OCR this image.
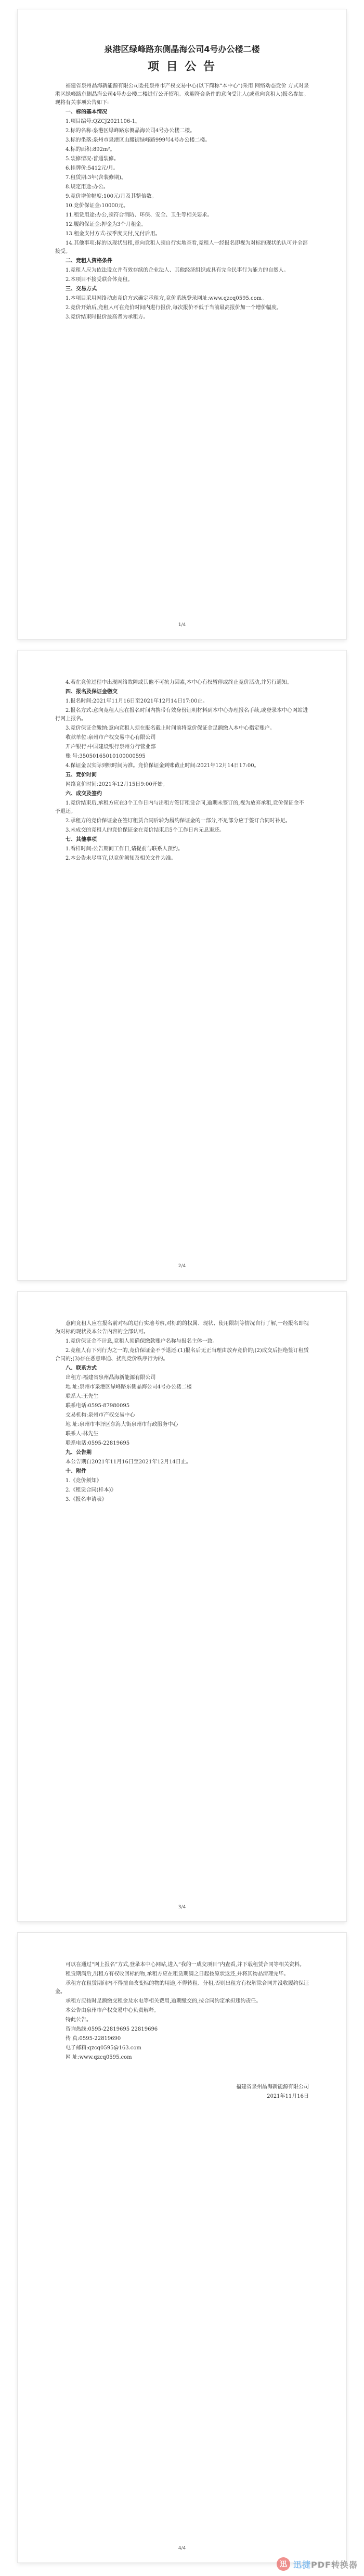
泉港区绿峰路东侧晶海公司4号办公楼二楼
项 目 公 告

福建省泉州晶海新能源有限公司委托泉州市产权交易中心(以下简称“本中心”)采用 网络动态竞价 方式对泉港区绿峰路东侧晶海公司4号办公楼二楼进行公开招租。欢迎符合条件的意向受让人(或意向竞租人)报名参加。现将有关事项公告如下:

一、标的基本情况

1.项目编号:QZCJ2021106-1。

2.标的名称:泉港区绿峰路东侧晶海公司4号办公楼二楼。

3.标的坐落:泉州市泉港区山腰街绿峰路999号4号办公楼二楼。

4.标的面积:892m²。

5.装修情况:普通装修。

6.挂牌价:5412元/月。

7.租赁期:3年(含装修期)。

8.规定用途:办公。

9.竞价增价幅度:100元/月及其整倍数。

10.竞价保证金:10000元。

11.租赁用途:办公,须符合消防、环保、安全、卫生等相关要求。

12.履约保证金:押金为3个月租金。

13.租金支付方式:按季度支付,先付后用。

14.其他事项:标的以现状出租,意向竞租人须自行实地查看,竞租人一经报名即视为对标的现状的认可并全部接受。

二、竞租人资格条件

1.竞租人应为依法设立并有效存续的企业法人、其他经济组织或具有完全民事行为能力的自然人。

2.本项目不接受联合体竞租。

三、交易方式

1.本项目采用网络动态竞价方式确定承租方,竞价系统登录网址:www.qzcq0595.com。

2.竞价开始后,竞租人可在竞价时间内进行报价,每次报价不低于当前最高报价加一个增价幅度。

3.竞价结束时报价最高者为承租方。

1/4

4.若在竞价过程中出现网络故障或其他不可抗力因素,本中心有权暂停或终止竞价活动,并另行通知。

四、报名及保证金缴交

1.报名时间:2021年11月16日至2021年12月14日17:00止。

2.报名方式:意向竞租人应在报名时间内携带有效身份证明材料到本中心办理报名手续,或登录本中心网站进行网上报名。

3.竞价保证金缴纳:意向竞租人须在报名截止时间前将竞价保证金足额缴入本中心指定账户。

收款单位:泉州市产权交易中心有限公司

开户银行:中国建设银行泉州分行营业部

账 号:35050165010100000595

4.保证金以实际到账时间为准。竞价保证金到账截止时间:2021年12月14日17:00。

五、竞价时间

网络竞价时间:2021年12月15日9:00开始。

六、成交及签约

1.竞价结束后,承租方应在3个工作日内与出租方签订租赁合同,逾期未签订的,视为放弃承租,竞价保证金不予退还。

2.承租方的竞价保证金在签订租赁合同后转为履约保证金的一部分,不足部分应于签订合同时补足。

3.未成交的竞租人的竞价保证金在竞价结束后5个工作日内无息退还。

七、其他事项

1.看样时间:公告期间工作日,请提前与联系人预约。

2.本公告未尽事宜,以竞价须知及相关文件为准。

2/4

意向竞租人应在报名前对标的进行实地考察,对标的的权属、现状、使用限制等情况自行了解,一经报名即视为对标的现状及本公告内容的全部认可。

1.竞价保证金不计息,竞租人须确保缴款账户名称与报名主体一致。

2.竞租人有下列行为之一的,竞价保证金不予退还:(1)报名后无正当理由放弃竞价的;(2)成交后拒绝签订租赁合同的;(3)存在恶意串通、扰乱竞价秩序行为的。

八、联系方式

出租方:福建省泉州晶海新能源有限公司

地 址:泉州市泉港区绿峰路东侧晶海公司4号办公楼二楼

联系人:王先生

联系电话:0595-87980095

交易机构:泉州市产权交易中心

地 址:泉州市丰泽区东海大街泉州市行政服务中心

联系人:林先生

联系电话:0595-22819695

九、公告期

本公告期自2021年11月16日至2021年12月14日止。

十、附件

1.《竞价须知》

2.《租赁合同(样本)》

3.《报名申请表》

3/4

可以在通过“网上报名”方式,登录本中心网站,进入“我的一成交项目”内查看,并下载租赁合同等相关资料。

租赁期满后,出租方有权收回标的物,承租方应在租赁期满之日起按原状返还,并将其物品清理完毕。

承租方在租赁期间内不得擅自改变标的物的用途,不得转租、分租,否则出租方有权解除合同并没收履约保证金。

承租方应按时足额缴交租金及水电等相关费用,逾期缴交的,按合同约定承担违约责任。

本公告由泉州市产权交易中心负责解释。

特此公告。

咨询热线:0595-22819695 22819696

传 真:0595-22819690

电子邮箱:qzcq0595@163.com

网 址:www.qzcq0595.com

福建省泉州晶海新能源有限公司
2021年11月16日
4/4
迅 迅捷PDF转换器
